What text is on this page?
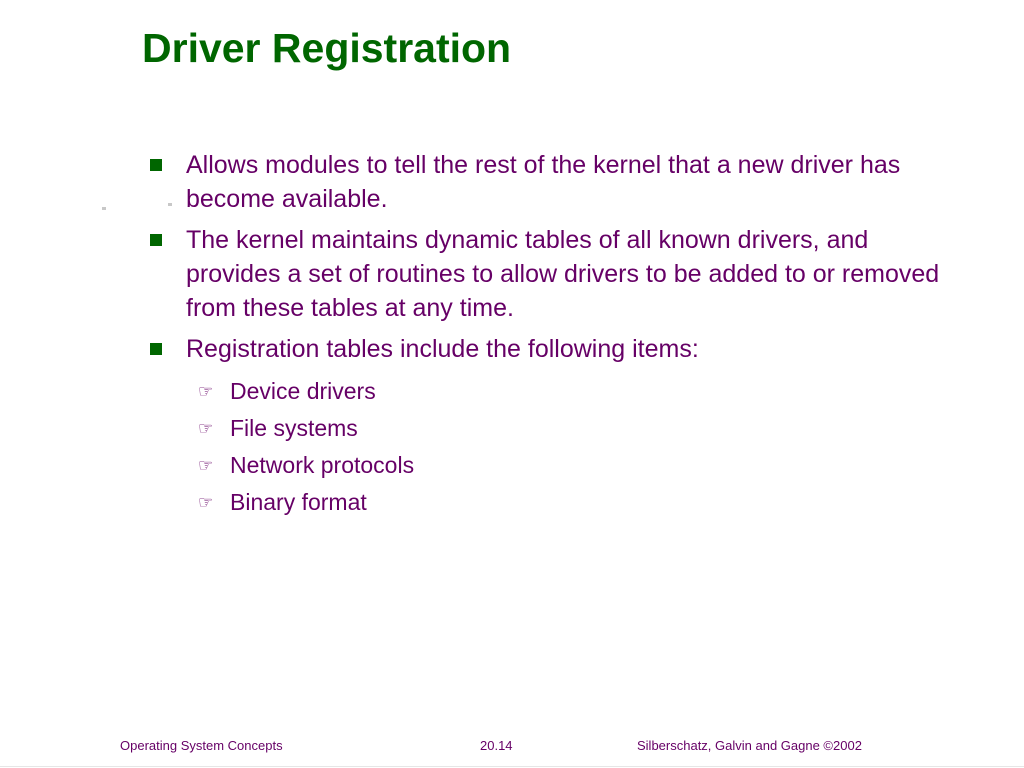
Driver Registration
Allows modules to tell the rest of the kernel that a new driver has become available.
The kernel maintains dynamic tables of all known drivers, and provides a set of routines to allow drivers to be added to or removed from these tables at any time.
Registration tables include the following items:
☞ Device drivers
☞ File systems
☞ Network protocols
☞ Binary format
Operating System Concepts	20.14	Silberschatz, Galvin and Gagne ©2002
